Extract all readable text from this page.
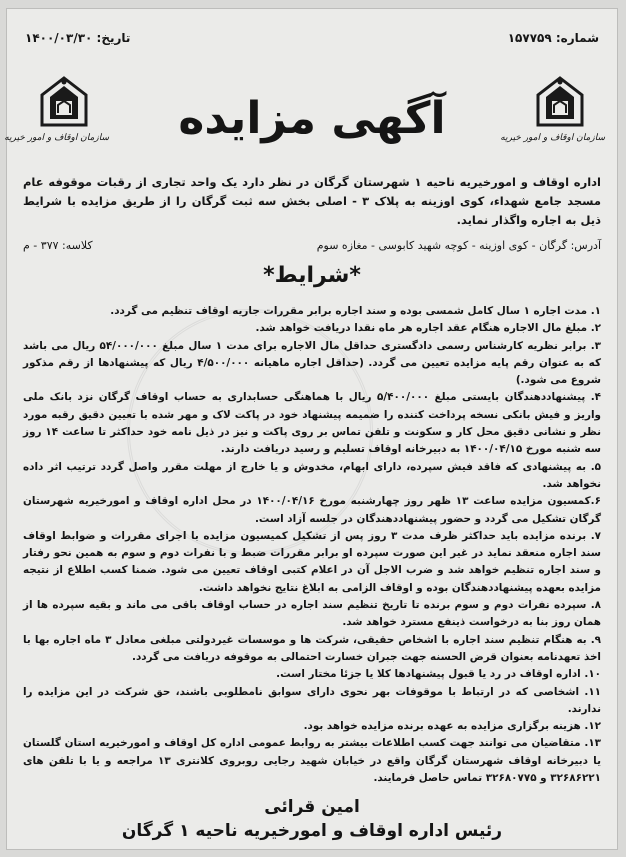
شماره: ۱۵۷۷۵۹
تاریخ: ۱۴۰۰/۰۳/۳۰
سازمان اوقاف و امور خیریه
سازمان اوقاف و امور خیریه	آگهی مزایده
اداره اوقاف و امورخیریه ناحیه ۱ شهرستان گرگان در نظر دارد یک واحد تجاری از رقبات موقوفه عام مسجد جامع شهداء، کوی اوزینه به پلاک ۳ - اصلی بخش سه ثبت گرگان را از طریق مزایده با شرایط ذیل به اجاره واگذار نماید.
آدرس: گرگان - کوی اوزینه - کوچه شهید کابوسی - مغازه سوم
کلاسه: ۳۷۷ - م
*شرایط*

۱. مدت اجاره ۱ سال کامل شمسی بوده و سند اجاره برابر مقررات جاریه اوقاف تنظیم می گردد.

۲. مبلغ مال الاجاره هنگام عقد اجاره هر ماه نقدا دریافت خواهد شد.

۳. برابر نظریه کارشناس رسمی دادگستری حداقل مال الاجاره برای مدت ۱ سال مبلغ ۵۴/۰۰۰/۰۰۰ ریال می باشد که به عنوان رقم پایه مزایده تعیین می گردد. (حداقل اجاره ماهیانه ۴/۵۰۰/۰۰۰ ریال که پیشنهادها از رقم مذکور شروع می شود.)

۴. پیشنهاددهندگان بایستی مبلغ ۵/۴۰۰/۰۰۰ ریال با هماهنگی حسابداری به حساب اوقاف گرگان نزد بانک ملی واریز و فیش بانکی نسخه پرداخت کننده را ضمیمه پیشنهاد خود در پاکت لاک و مهر شده با تعیین دقیق رقبه مورد نظر و نشانی دقیق محل کار و سکونت و تلفن تماس بر روی پاکت و نیز در ذیل نامه خود حداکثر تا ساعت ۱۴ روز سه شنبه مورخ ۱۴۰۰/۰۴/۱۵ به دبیرخانه اوقاف تسلیم و رسید دریافت دارند.

۵. به پیشنهادی که فاقد فیش سپرده، دارای ابهام، مخدوش و یا خارج از مهلت مقرر واصل گردد ترتیب اثر داده نخواهد شد.

۶.کمسیون مزایده ساعت ۱۳ ظهر روز چهارشنبه مورخ ۱۴۰۰/۰۴/۱۶ در محل اداره اوقاف و امورخیریه شهرستان گرگان تشکیل می گردد و حضور پیشنهاددهندگان در جلسه آزاد است.

۷. برنده مزایده باید حداکثر ظرف مدت ۳ روز پس از تشکیل کمیسیون مزایده با اجرای مقررات و ضوابط اوقاف سند اجاره منعقد نماید در غیر این صورت سپرده او برابر مقررات ضبط و با نفرات دوم و سوم به همین نحو رفتار و سند اجاره تنظیم خواهد شد و ضرب الاجل آن در اعلام کتبی اوقاف تعیین می شود. ضمنا کسب اطلاع از نتیجه مزایده بعهده پیشنهاددهندگان بوده و اوقاف الزامی به ابلاغ نتایج نخواهد داشت.

۸. سپرده نفرات دوم و سوم برنده تا تاریخ تنظیم سند اجاره در حساب اوقاف باقی می ماند و بقیه سپرده ها از همان روز بنا به درخواست ذینفع مسترد خواهد شد.

۹. به هنگام تنظیم سند اجاره با اشخاص حقیقی، شرکت ها و موسسات غیردولتی مبلغی معادل ۳ ماه اجاره بها با اخذ تعهدنامه بعنوان قرض الحسنه جهت جبران خسارت احتمالی به موقوفه دریافت می گردد.

۱۰. اداره اوقاف در رد یا قبول پیشنهادها کلا یا جزئا مختار است.

۱۱. اشخاصی که در ارتباط با موقوفات بهر نحوی دارای سوابق نامطلوبی باشند، حق شرکت در این مزایده را ندارند.

۱۲. هزینه برگزاری مزایده به عهده برنده مزایده خواهد بود.

۱۳. متقاضیان می توانند جهت کسب اطلاعات بیشتر به روابط عمومی اداره کل اوقاف و امورخیریه استان گلستان یا دبیرخانه اوقاف شهرستان گرگان واقع در خیابان شهید رجایی روبروی کلانتری ۱۳ مراجعه و یا با تلفن های ۳۲۶۸۶۲۲۱ و ۳۲۶۸۰۷۷۵ تماس حاصل فرمایند.

امین قرائی
رئیس اداره اوقاف و امورخیریه ناحیه ۱ گرگان
